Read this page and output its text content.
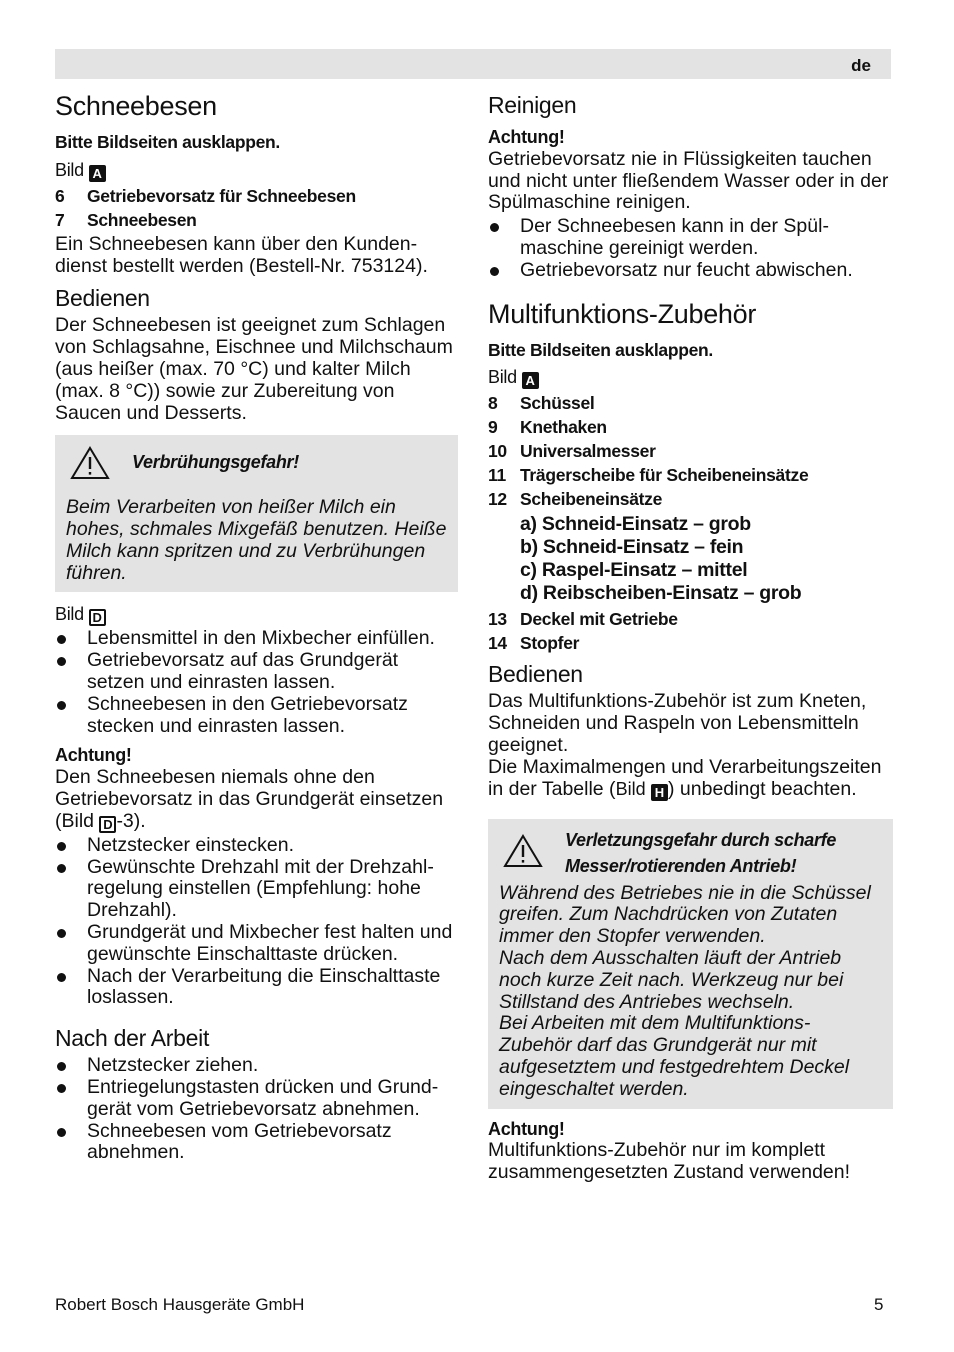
de
Schneebesen
Bitte Bildseiten ausklappen.
Bild A
6	Getriebevorsatz für Schneebesen
7	Schneebesen
Ein Schneebesen kann über den Kunden-dienst bestellt werden (Bestell-Nr. 753124).
Bedienen
Der Schneebesen ist geeignet zum Schlagen von Schlagsahne, Eischnee und Milchschaum (aus heißer (max. 70 °C) und kalter Milch (max. 8 °C)) sowie zur Zubereitung von Saucen und Desserts.
Verbrühungsgefahr!
Beim Verarbeiten von heißer Milch ein hohes, schmales Mixgefäß benutzen. Heiße Milch kann spritzen und zu Verbrühungen führen.
Bild D
Lebensmittel in den Mixbecher einfüllen.
Getriebevorsatz auf das Grundgerät setzen und einrasten lassen.
Schneebesen in den Getriebevorsatz stecken und einrasten lassen.
Achtung!
Den Schneebesen niemals ohne den Getriebevorsatz in das Grundgerät einsetzen (Bild D -3).
Netzstecker einstecken.
Gewünschte Drehzahl mit der Drehzahl-regelung einstellen (Empfehlung: hohe Drehzahl).
Grundgerät und Mixbecher fest halten und gewünschte Einschalttaste drücken.
Nach der Verarbeitung die Einschalttaste loslassen.
Nach der Arbeit
Netzstecker ziehen.
Entriegelungstasten drücken und Grund-gerät vom Getriebevorsatz abnehmen.
Schneebesen vom Getriebevorsatz abnehmen.
Reinigen
Achtung!
Getriebevorsatz nie in Flüssigkeiten tauchen und nicht unter fließendem Wasser oder in der Spülmaschine reinigen.
Der Schneebesen kann in der Spül-maschine gereinigt werden.
Getriebevorsatz nur feucht abwischen.
Multifunktions-Zubehör
Bitte Bildseiten ausklappen.
Bild A
8	Schüssel
9	Knethaken
10 Universalmesser
11 Trägerscheibe für Scheibeneinsätze
12 Scheibeneinsätze
a) Schneid-Einsatz – grob
b) Schneid-Einsatz – fein
c) Raspel-Einsatz – mittel
d) Reibscheiben-Einsatz – grob
13 Deckel mit Getriebe
14 Stopfer
Bedienen
Das Multifunktions-Zubehör ist zum Kneten, Schneiden und Raspeln von Lebensmitteln geeignet.
Die Maximalmengen und Verarbeitungszeiten in der Tabelle (Bild H ) unbedingt beachten.
Verletzungsgefahr durch scharfe Messer/rotierenden Antrieb!
Während des Betriebes nie in die Schüssel greifen. Zum Nachdrücken von Zutaten immer den Stopfer verwenden.
Nach dem Ausschalten läuft der Antrieb noch kurze Zeit nach. Werkzeug nur bei Stillstand des Antriebes wechseln.
Bei Arbeiten mit dem Multifunktions-Zubehör darf das Grundgerät nur mit aufgesetztem und festgedrehtem Deckel eingeschaltet werden.
Achtung!
Multifunktions-Zubehör nur im komplett zusammengesetzten Zustand verwenden!
Robert Bosch Hausgeräte GmbH	5
